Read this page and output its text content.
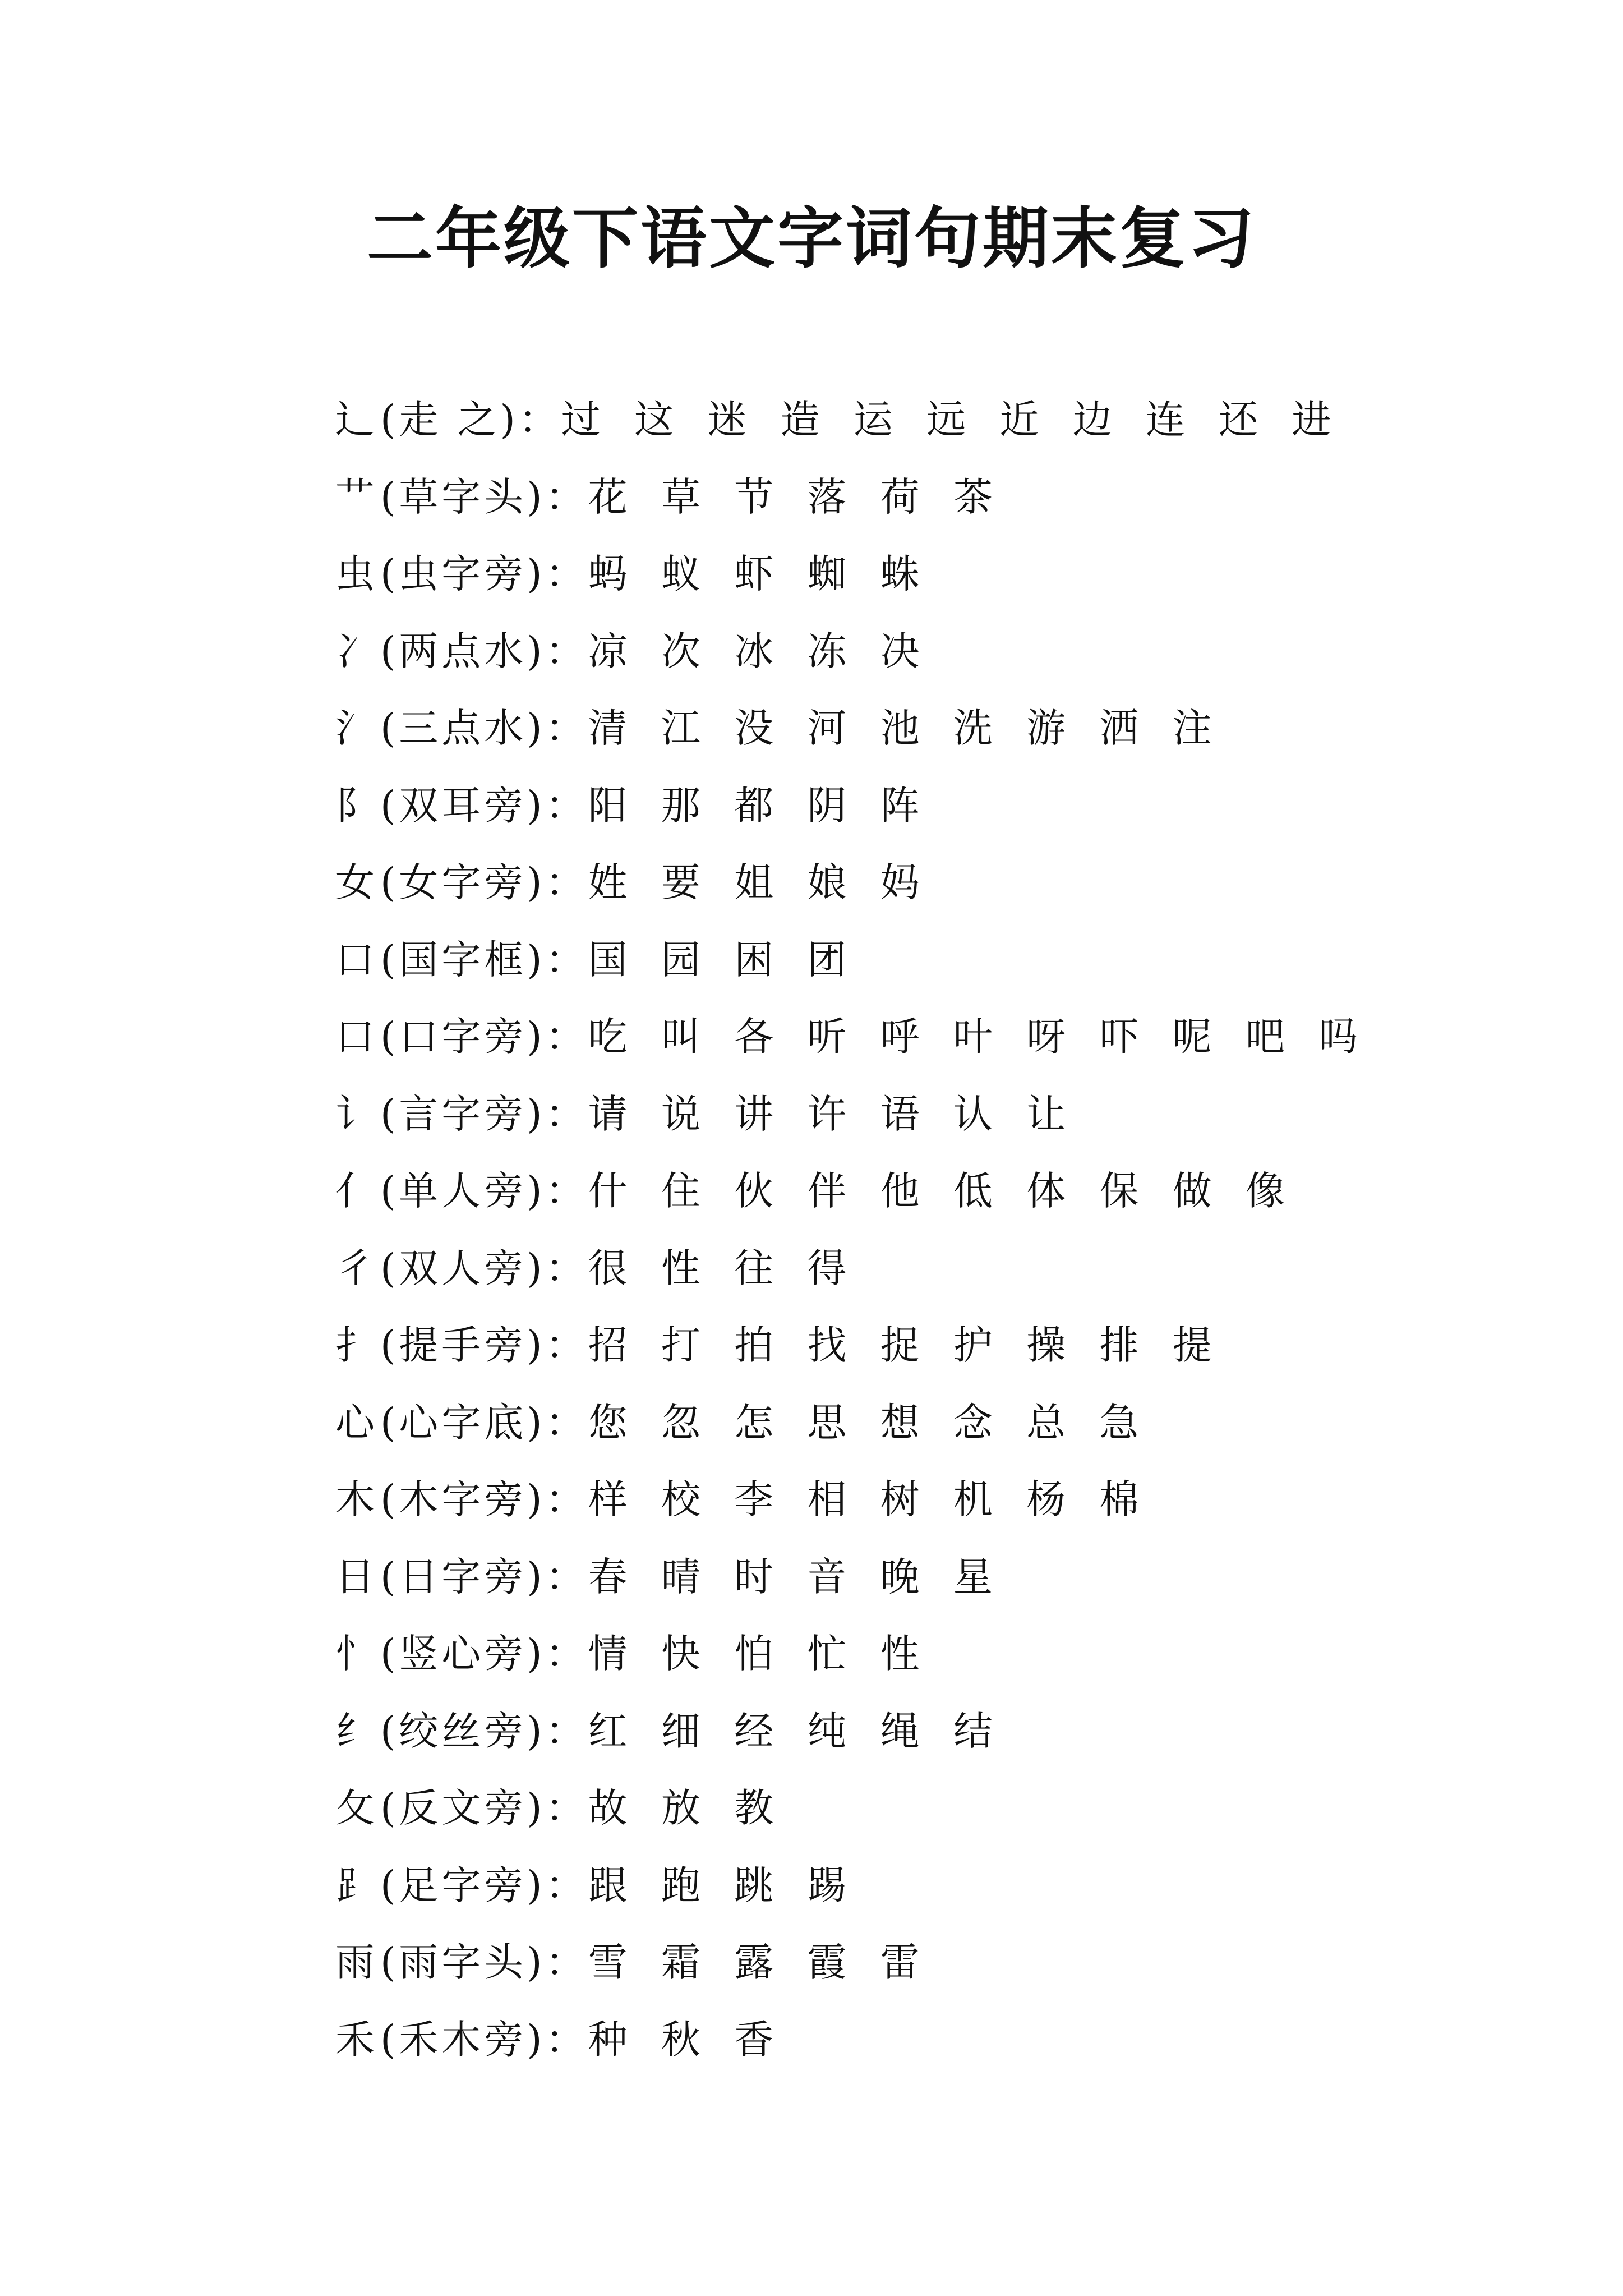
二年级下语文字词句期末复习
辶 (走 之)： 过 这 迷 造 运 远 近 边 连 还 进
艹 (草字头)： 花 草 节 落 荷 茶
虫 (虫字旁)： 蚂 蚁 虾 蜘 蛛
冫 (两点水)： 凉 次 冰 冻 决
氵 (三点水)： 清 江 没 河 池 洗 游 洒 注
阝 (双耳旁)： 阳 那 都 阴 阵
女 (女字旁)： 姓 要 姐 娘 妈
口 (国字框)： 国 园 困 团
口 (口字旁)： 吃 叫 各 听 呼 叶 呀 吓 呢 吧 吗
讠 (言字旁)： 请 说 讲 许 语 认 让
亻 (单人旁)： 什 住 伙 伴 他 低 体 保 做 像
彳 (双人旁)： 很 性 往 得
扌 (提手旁)： 招 打 拍 找 捉 护 操 排 提
心 (心字底)： 您 忽 怎 思 想 念 总 急
木 (木字旁)： 样 校 李 相 树 机 杨 棉
日 (日字旁)： 春 晴 时 音 晚 星
忄 (竖心旁)： 情 快 怕 忙 性
纟 (绞丝旁)： 红 细 经 纯 绳 结
攵 (反文旁)： 故 放 教
⻊ (足字旁)： 跟 跑 跳 踢
雨 (雨字头)： 雪 霜 露 霞 雷
禾 (禾木旁)： 种 秋 香
